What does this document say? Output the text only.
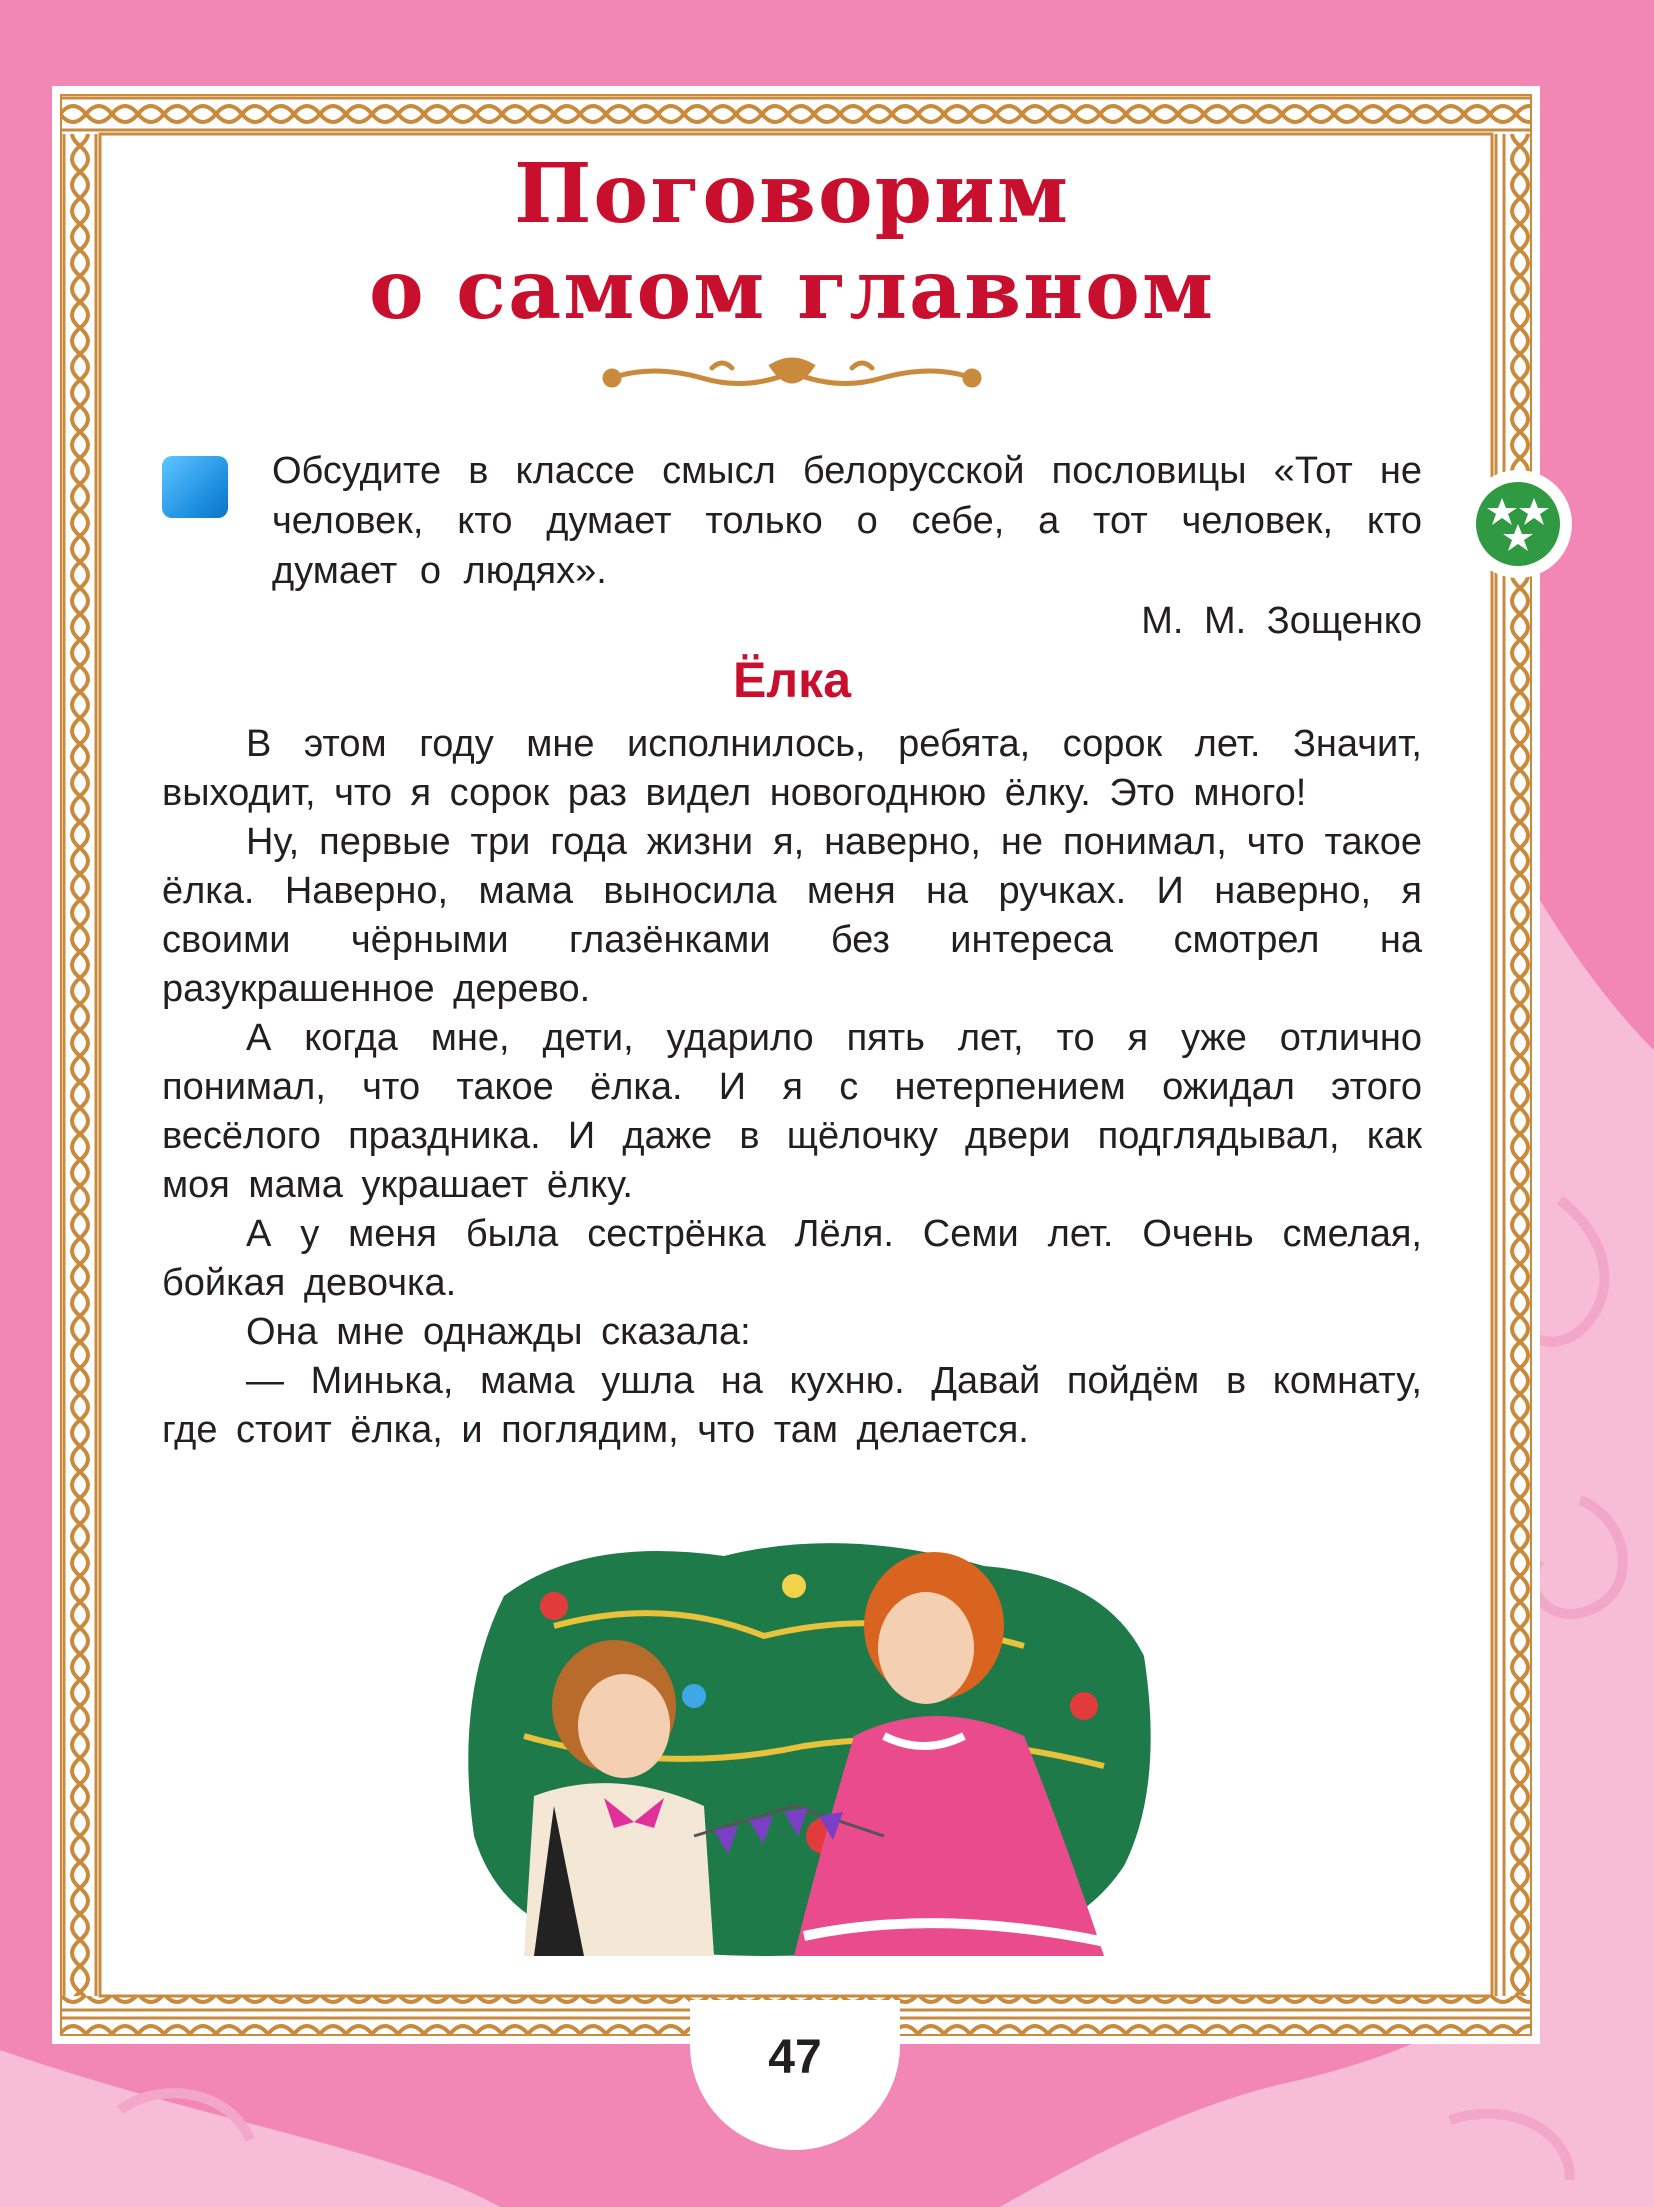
Поговорим
о самом главном
Обсудите в классе смысл белорусской пословицы «Тот не человек, кто думает только о себе, а тот человек, кто думает о людях».
М. М. Зощенко
Ёлка

В этом году мне исполнилось, ребята, сорок лет. Значит, выходит, что я сорок раз видел новогоднюю ёлку. Это много!

Ну, первые три года жизни я, наверно, не понимал, что такое ёлка. Наверно, мама выносила меня на ручках. И наверно, я своими чёрными глазёнками без интереса смотрел на разукрашенное дерево.

А когда мне, дети, ударило пять лет, то я уже отлично понимал, что такое ёлка. И я с нетерпением ожидал этого весёлого праздника. И даже в щёлочку двери подглядывал, как моя мама украшает ёлку.

А у меня была сестрёнка Лёля. Семи лет. Очень смелая, бойкая девочка.

Она мне однажды сказала:

— Минька, мама ушла на кухню. Давай пойдём в комнату, где стоит ёлка, и поглядим, что там делается.

47
